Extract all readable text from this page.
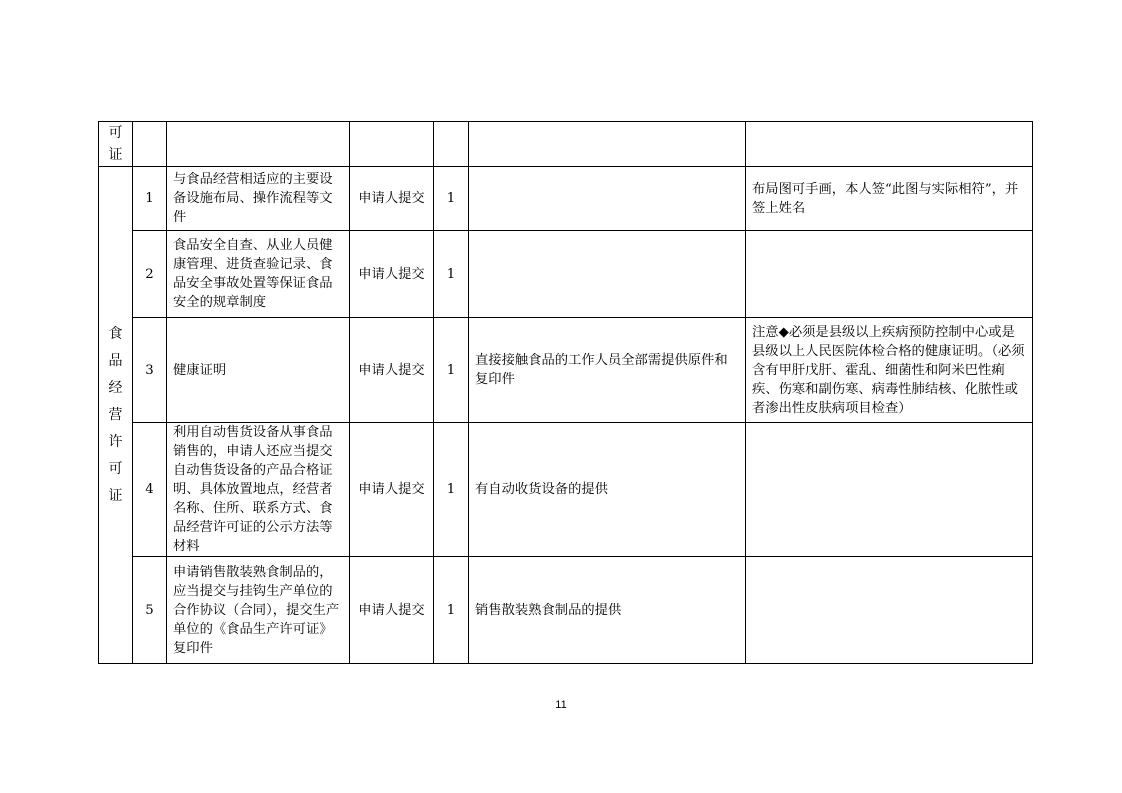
可证						

食品经营许可证	1	与食品经营相适应的主要设备设施布局、操作流程等文件	申请人提交	1		布局图可手画，本人签“此图与实际相符”，并签上姓名
	2	食品安全自查、从业人员健康管理、进货查验记录、食品安全事故处置等保证食品安全的规章制度	申请人提交	1		
	3	健康证明	申请人提交	1	直接接触食品的工作人员全部需提供原件和复印件	注意◆必须是县级以上疾病预防控制中心或是县级以上人民医院体检合格的健康证明。（必须含有甲肝戊肝、霍乱、细菌性和阿米巴性痢疾、伤寒和副伤寒、病毒性肺结核、化脓性或者渗出性皮肤病项目检查）
	4	利用自动售货设备从事食品销售的，申请人还应当提交自动售货设备的产品合格证明、具体放置地点，经营者名称、住所、联系方式、食品经营许可证的公示方法等材料	申请人提交	1	有自动收货设备的提供	
	5	申请销售散装熟食制品的，应当提交与挂钩生产单位的合作协议（合同），提交生产单位的《食品生产许可证》复印件	申请人提交	1	销售散装熟食制品的提供	
11
